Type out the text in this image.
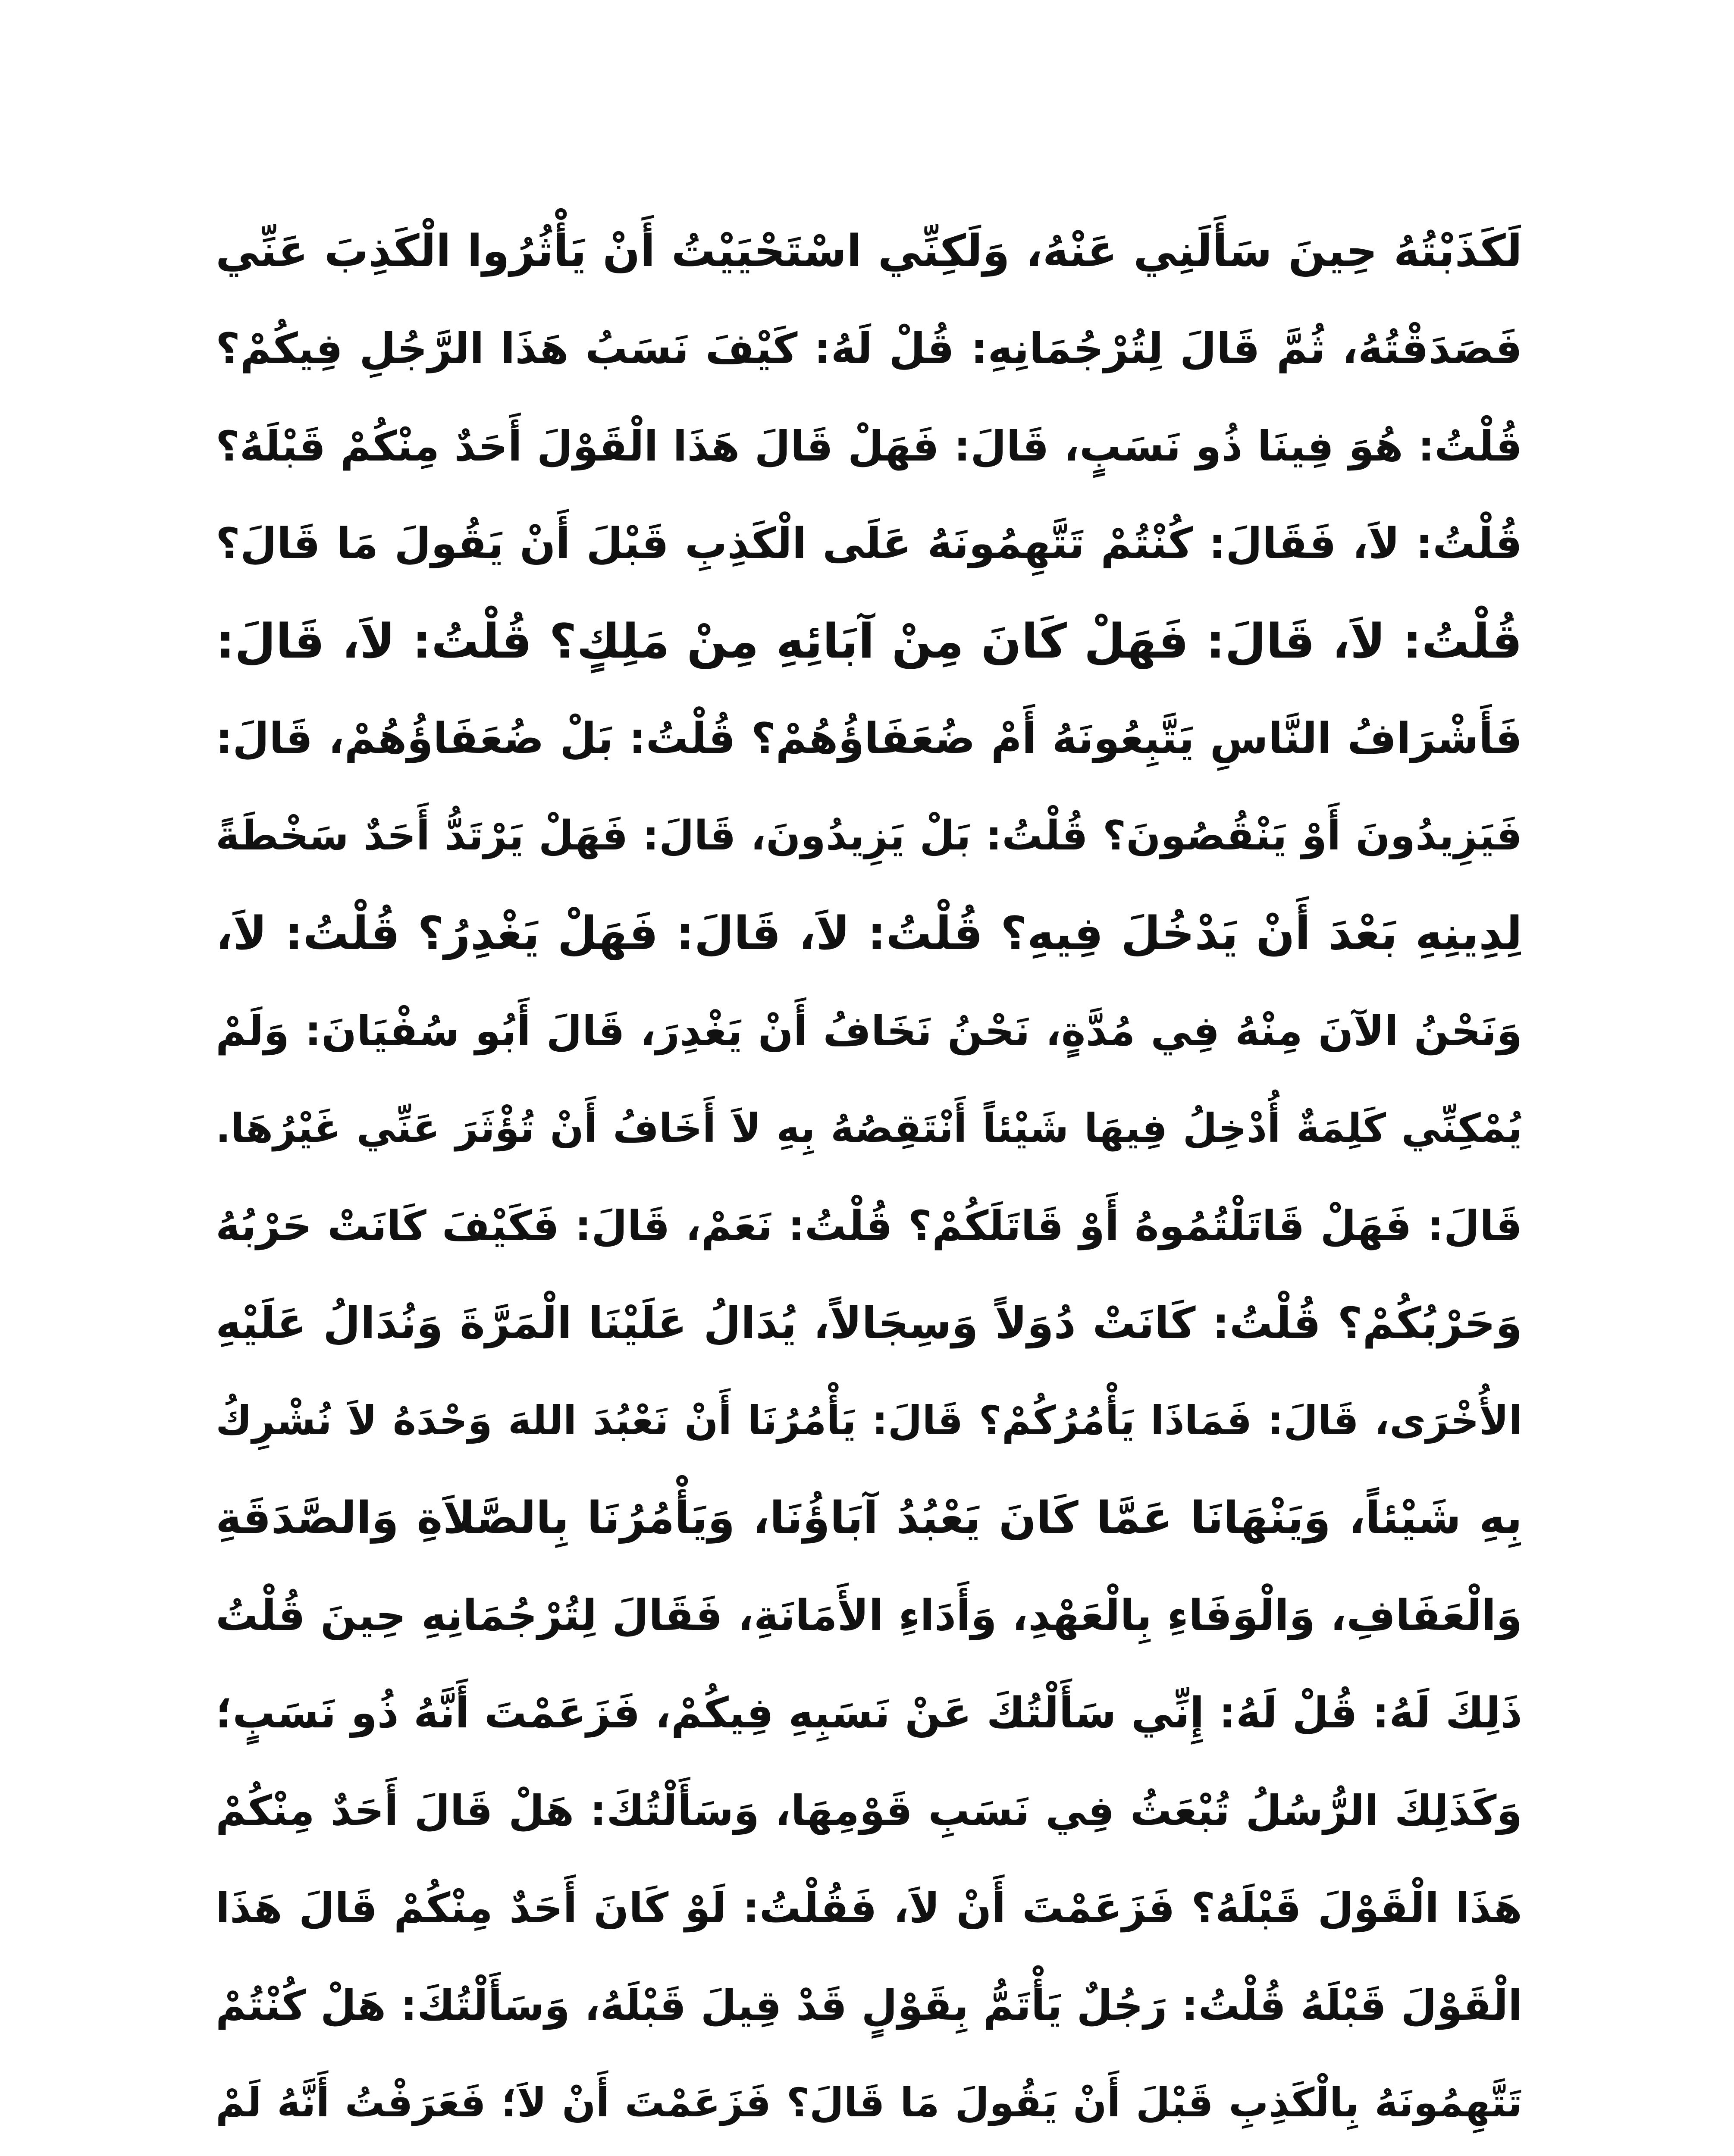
لَكَذَبْتُهُ حِينَ سَأَلَنِي عَنْهُ، وَلَكِنِّي اسْتَحْيَيْتُ أَنْ يَأْثُرُوا الْكَذِبَ عَنِّي
فَصَدَقْتُهُ، ثُمَّ قَالَ لِتُرْجُمَانِهِ: قُلْ لَهُ: كَيْفَ نَسَبُ هَذَا الرَّجُلِ فِيكُمْ؟
قُلْتُ: هُوَ فِينَا ذُو نَسَبٍ، قَالَ: فَهَلْ قَالَ هَذَا الْقَوْلَ أَحَدٌ مِنْكُمْ قَبْلَهُ؟
قُلْتُ: لاَ، فَقَالَ: كُنْتُمْ تَتَّهِمُونَهُ عَلَى الْكَذِبِ قَبْلَ أَنْ يَقُولَ مَا قَالَ؟
قُلْتُ: لاَ، قَالَ: فَهَلْ كَانَ مِنْ آبَائِهِ مِنْ مَلِكٍ؟ قُلْتُ: لاَ، قَالَ:
فَأَشْرَافُ النَّاسِ يَتَّبِعُونَهُ أَمْ ضُعَفَاؤُهُمْ؟ قُلْتُ: بَلْ ضُعَفَاؤُهُمْ، قَالَ:
فَيَزِيدُونَ أَوْ يَنْقُصُونَ؟ قُلْتُ: بَلْ يَزِيدُونَ، قَالَ: فَهَلْ يَرْتَدُّ أَحَدٌ سَخْطَةً
لِدِينِهِ بَعْدَ أَنْ يَدْخُلَ فِيهِ؟ قُلْتُ: لاَ، قَالَ: فَهَلْ يَغْدِرُ؟ قُلْتُ: لاَ،
وَنَحْنُ الآنَ مِنْهُ فِي مُدَّةٍ، نَحْنُ نَخَافُ أَنْ يَغْدِرَ، قَالَ أَبُو سُفْيَانَ: وَلَمْ
يُمْكِنِّي كَلِمَةٌ أُدْخِلُ فِيهَا شَيْئاً أَنْتَقِصُهُ بِهِ لاَ أَخَافُ أَنْ تُؤْثَرَ عَنِّي غَيْرُهَا.
قَالَ: فَهَلْ قَاتَلْتُمُوهُ أَوْ قَاتَلَكُمْ؟ قُلْتُ: نَعَمْ، قَالَ: فَكَيْفَ كَانَتْ حَرْبُهُ
وَحَرْبُكُمْ؟ قُلْتُ: كَانَتْ دُوَلاً وَسِجَالاً، يُدَالُ عَلَيْنَا الْمَرَّةَ وَنُدَالُ عَلَيْهِ
الأُخْرَى، قَالَ: فَمَاذَا يَأْمُرُكُمْ؟ قَالَ: يَأْمُرُنَا أَنْ نَعْبُدَ اللهَ وَحْدَهُ لاَ نُشْرِكُ
بِهِ شَيْئاً، وَيَنْهَانَا عَمَّا كَانَ يَعْبُدُ آبَاؤُنَا، وَيَأْمُرُنَا بِالصَّلاَةِ وَالصَّدَقَةِ
وَالْعَفَافِ، وَالْوَفَاءِ بِالْعَهْدِ، وَأَدَاءِ الأَمَانَةِ، فَقَالَ لِتُرْجُمَانِهِ حِينَ قُلْتُ
ذَلِكَ لَهُ: قُلْ لَهُ: إِنِّي سَأَلْتُكَ عَنْ نَسَبِهِ فِيكُمْ، فَزَعَمْتَ أَنَّهُ ذُو نَسَبٍ؛
وَكَذَلِكَ الرُّسُلُ تُبْعَثُ فِي نَسَبِ قَوْمِهَا، وَسَأَلْتُكَ: هَلْ قَالَ أَحَدٌ مِنْكُمْ
هَذَا الْقَوْلَ قَبْلَهُ؟ فَزَعَمْتَ أَنْ لاَ، فَقُلْتُ: لَوْ كَانَ أَحَدٌ مِنْكُمْ قَالَ هَذَا
الْقَوْلَ قَبْلَهُ قُلْتُ: رَجُلٌ يَأْتَمُّ بِقَوْلٍ قَدْ قِيلَ قَبْلَهُ، وَسَأَلْتُكَ: هَلْ كُنْتُمْ
تَتَّهِمُونَهُ بِالْكَذِبِ قَبْلَ أَنْ يَقُولَ مَا قَالَ؟ فَزَعَمْتَ أَنْ لاَ؛ فَعَرَفْتُ أَنَّهُ لَمْ
